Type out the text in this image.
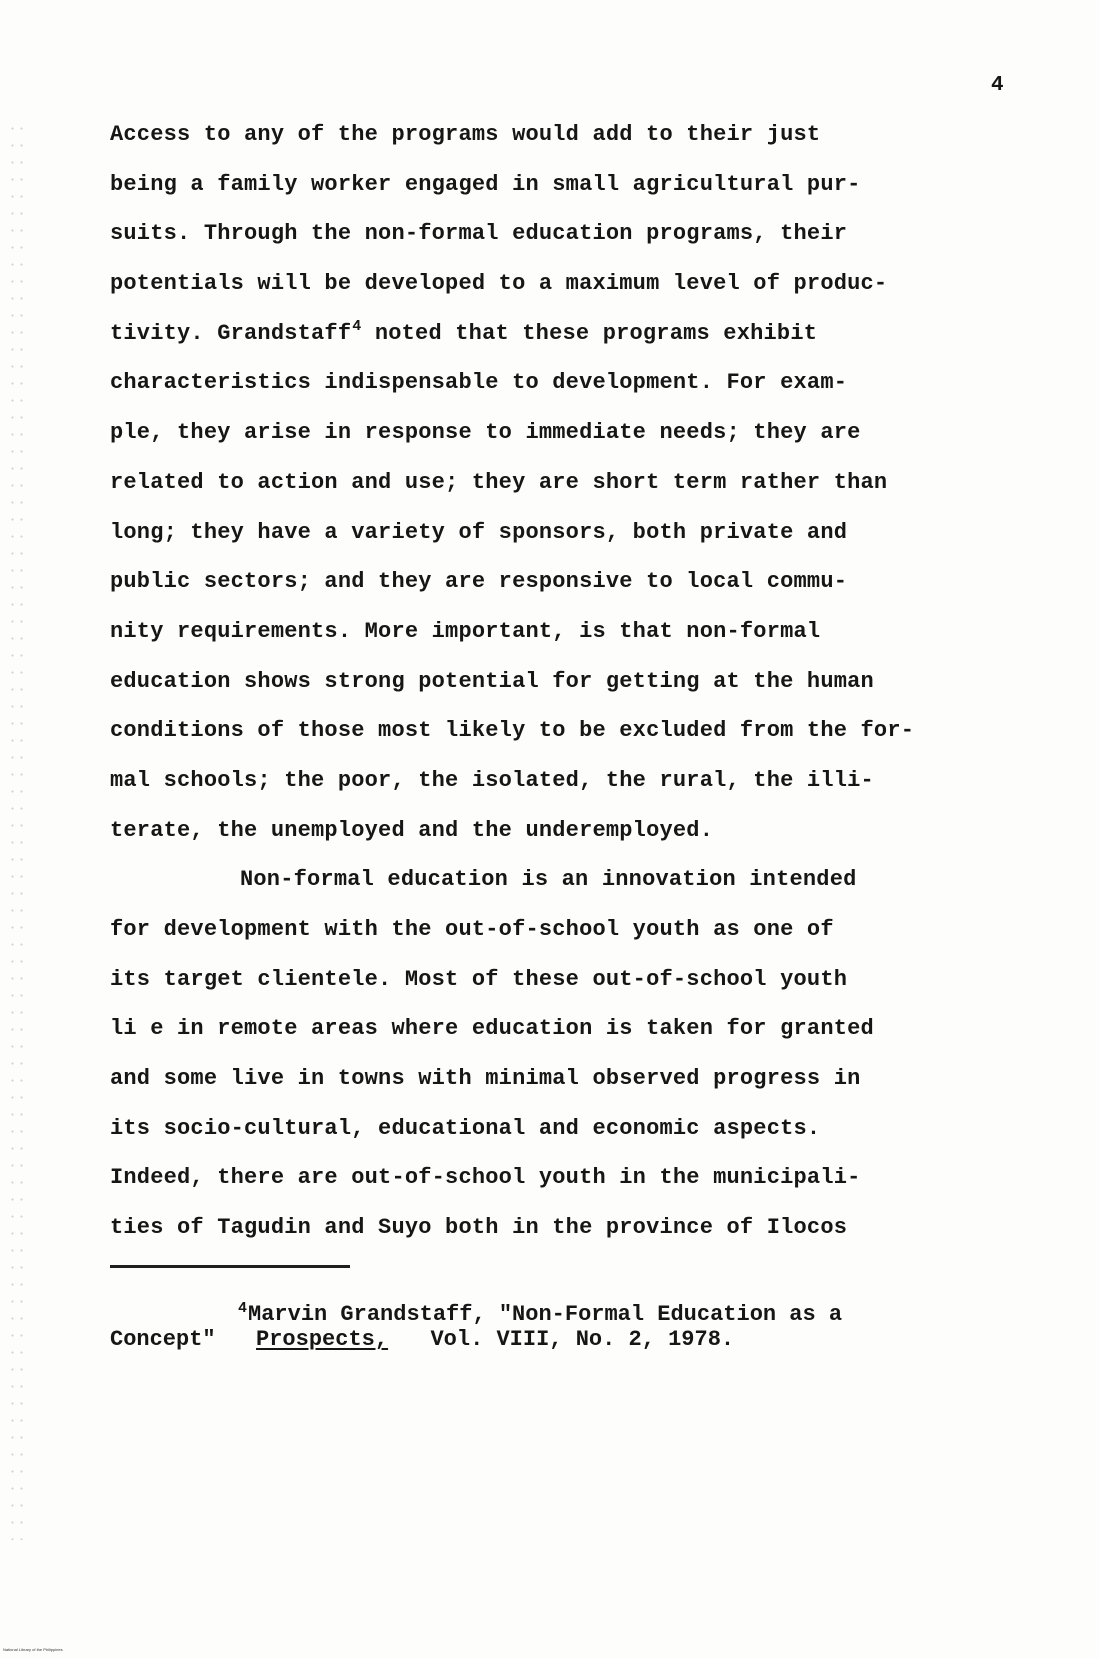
4
Access to any of the programs would add to their just
being a family worker engaged in small agricultural pur-
suits. Through the non-formal education programs, their
potentials will be developed to a maximum level of produc-
tivity. Grandstaff4 noted that these programs exhibit
characteristics indispensable to development. For exam-
ple, they arise in response to immediate needs; they are
related to action and use; they are short term rather than
long; they have a variety of sponsors, both private and
public sectors; and they are responsive to local commu-
nity requirements. More important, is that non-formal
education shows strong potential for getting at the human
conditions of those most likely to be excluded from the for-
mal schools; the poor, the isolated, the rural, the illi-
terate, the unemployed and the underemployed.
Non-formal education is an innovation intended
for development with the out-of-school youth as one of
its target clientele. Most of these out-of-school youth
li e in remote areas where education is taken for granted
and some live in towns with minimal observed progress in
its socio-cultural, educational and economic aspects.
Indeed, there are out-of-school youth in the municipali-
ties of Tagudin and Suyo both in the province of Ilocos
4Marvin Grandstaff, "Non-Formal Education as a
Concept" Prospects, Vol. VIII, No. 2, 1978.
National Library of the Philippines
